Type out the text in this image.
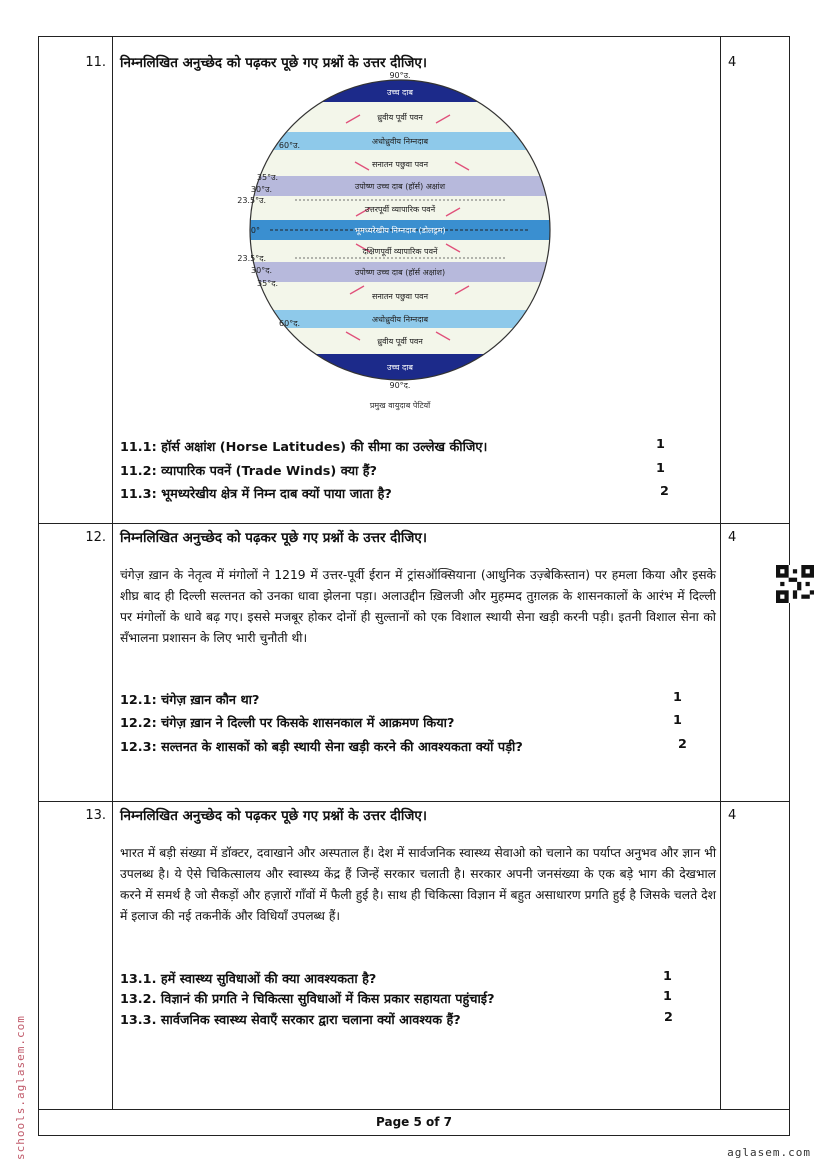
11. निम्नलिखित अनुच्छेद को पढ़कर पूछे गए प्रश्नों के उत्तर दीजिए।	4
उच्च दाब
ध्रुवीय पूर्वी पवन
अधोध्रुवीय निम्नदाब
सनातन पछुवा पवन
उपोष्ण उच्च दाब (हॉर्स) अक्षांश
उत्तरपूर्वी व्यापारिक पवनें
भूमध्यरेखीय निम्नदाब (डोलड्रम)
दक्षिणपूर्वी व्यापारिक पवनें
उपोष्ण उच्च दाब (हॉर्स अक्षांश)
सनातन पछुवा पवन
अधोध्रुवीय निम्नदाब
ध्रुवीय पूर्वी पवन
उच्च दाब
90°उ.
90°द.
60°उ.
35°उ.
30°उ.
23.5°उ.
0°
23.5°द.
30°द.
35°द.
60°द.
प्रमुख वायुदाब पेटियाँ
11.1: हॉर्स अक्षांश (Horse Latitudes) की सीमा का उल्लेख कीजिए।	1
11.2: व्यापारिक पवनें (Trade Winds) क्या हैं?	1
11.3: भूमध्यरेखीय क्षेत्र में निम्न दाब क्यों पाया जाता है?	2
12. निम्नलिखित अनुच्छेद को पढ़कर पूछे गए प्रश्नों के उत्तर दीजिए।	4
चंगेज़ ख़ान के नेतृत्व में मंगोलों ने 1219 में उत्तर-पूर्वी ईरान में ट्रांसऑक्सियाना (आधुनिक उज़्बेकिस्तान) पर हमला किया और इसके शीघ्र बाद ही दिल्ली सल्तनत को उनका धावा झेलना पड़ा। अलाउद्दीन ख़िलजी और मुहम्मद तुग़लक़ के शासनकालों के आरंभ में दिल्ली पर मंगोलों के धावे बढ़ गए। इससे मजबूर होकर दोनों ही सुल्तानों को एक विशाल स्थायी सेना खड़ी करनी पड़ी। इतनी विशाल सेना को सँभालना प्रशासन के लिए भारी चुनौती थी।
12.1: चंगेज़ ख़ान कौन था?	1
12.2: चंगेज़ ख़ान ने दिल्ली पर किसके शासनकाल में आक्रमण किया?	1
12.3: सल्तनत के शासकों को बड़ी स्थायी सेना खड़ी करने की आवश्यकता क्यों पड़ी?	2
13. निम्नलिखित अनुच्छेद को पढ़कर पूछे गए प्रश्नों के उत्तर दीजिए।	4
भारत में बड़ी संख्या में डॉक्टर, दवाखाने और अस्पताल हैं। देश में सार्वजनिक स्वास्थ्य सेवाओ को चलाने का पर्याप्त अनुभव और ज्ञान भी उपलब्ध है। ये ऐसे चिकित्सालय और स्वास्थ्य केंद्र हैं जिन्हें सरकार चलाती है। सरकार अपनी जनसंख्या के एक बड़े भाग की देखभाल करने में समर्थ है जो सैकड़ों और हज़ारों गाँवों में फैली हुई है। साथ ही चिकित्सा विज्ञान में बहुत असाधारण प्रगति हुई है जिसके चलते देश में इलाज की नई तकनीकें और विधियाँ उपलब्ध हैं।
13.1. हमें स्वास्थ्य सुविधाओं की क्या आवश्यकता है?	1
13.2. विज्ञानं की प्रगति ने चिकित्सा सुविधाओं में किस प्रकार सहायता पहुंचाई?	1
13.3. सार्वजनिक स्वास्थ्य सेवाएँ सरकार द्वारा चलाना क्यों आवश्यक हैं?	2
Page 5 of 7
schools.aglasem.com	aglasem.com
